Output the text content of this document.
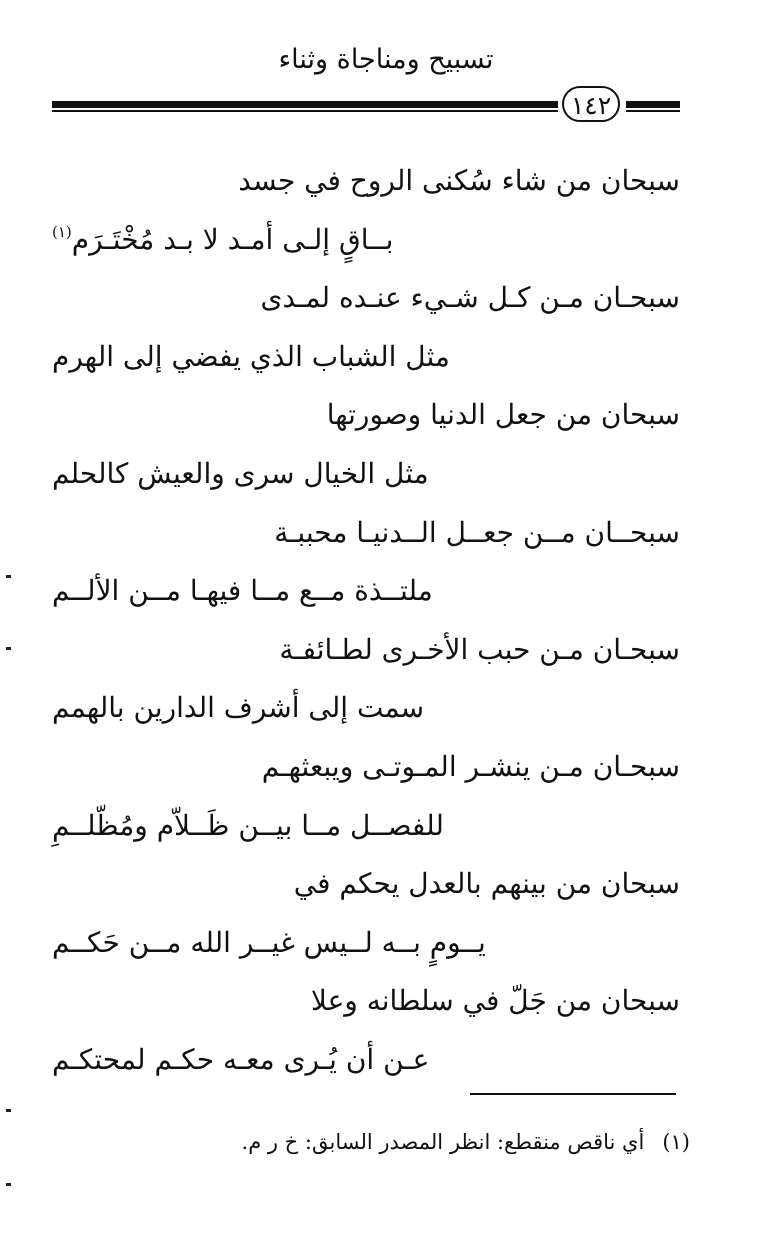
تسبيح ومناجاة وثناء
١٤٢
سبحان من شاء سُكنى الروح في جسد
بــاقٍ إلـى أمـد لا بـد مُخْتَـرَم$^{(١)}$
سبحـان مـن كـل شـيء عنـده لمـدى
مثل الشباب الذي يفضي إلى الهرم
سبحان من جعل الدنيا وصورتها
مثل الخيال سرى والعيش كالحلم
سبحــان مــن جعــل الــدنيـا محببـة
ملتــذة مــع مــا فيهـا مــن الألــم
سبحـان مـن حبب الأخـرى لطـائفـة
سمت إلى أشرف الدارين بالهمم
سبحـان مـن ينشـر المـوتـى ويبعثهـم
للفصــل مــا بيــن ظَــلاّم ومُظّلــمِ
سبحان من بينهم بالعدل يحكم في
يــومٍ بــه لــيس غيــر الله مــن حَكــم
سبحان من جَلّ في سلطانه وعلا
عـن أن يُـرى معـه حكـم لمحتكـم
(١)أي ناقص منقطع: انظر المصدر السابق: خ ر م.
